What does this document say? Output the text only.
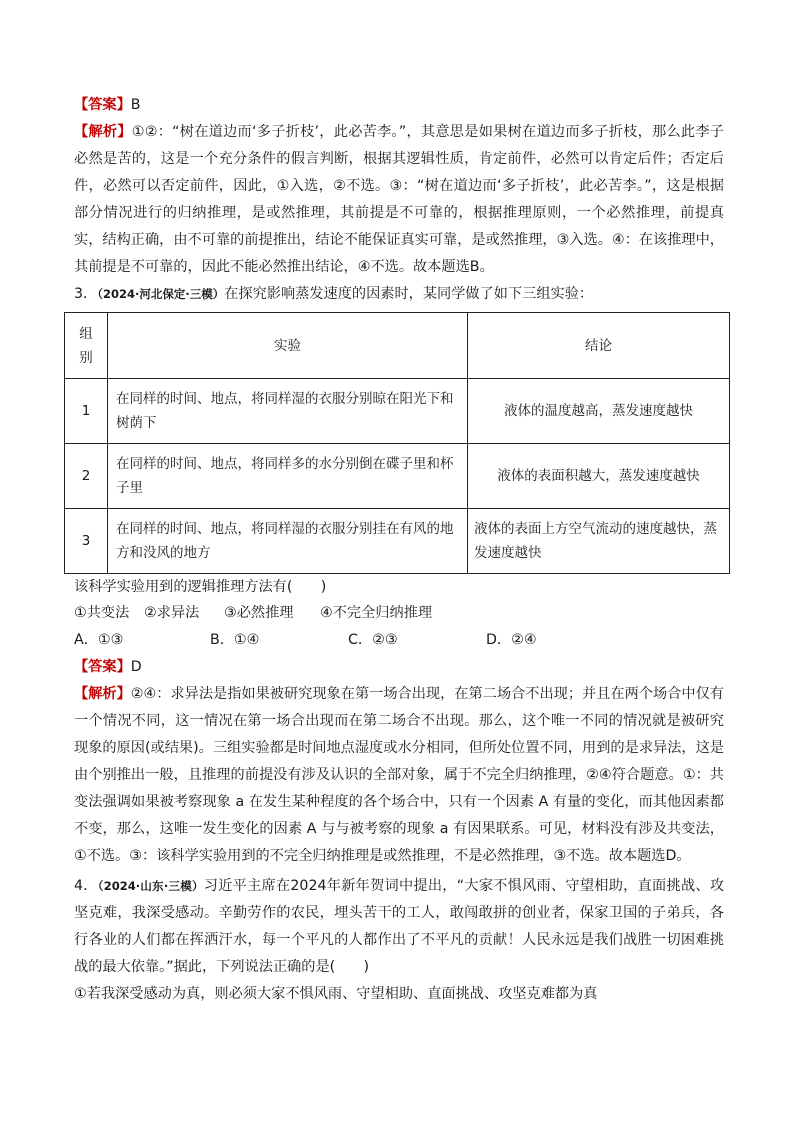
【答案】B
【解析】①②：“树在道边而‘多子折枝’，此必苦李。”，其意思是如果树在道边而多子折枝，那么此李子必然是苦的，这是一个充分条件的假言判断，根据其逻辑性质，肯定前件，必然可以肯定后件；否定后件，必然可以否定前件，因此，①入选，②不选。③：“树在道边而‘多子折枝’，此必苦李。”，这是根据部分情况进行的归纳推理，是或然推理，其前提是不可靠的，根据推理原则，一个必然推理，前提真实，结构正确，由不可靠的前提推出，结论不能保证真实可靠，是或然推理，③入选。④：在该推理中，其前提是不可靠的，因此不能必然推出结论，④不选。故本题选B。
3．（2024·河北保定·三模）在探究影响蒸发速度的因素时，某同学做了如下三组实验：
组
别	实验	结论
1	在同样的时间、地点，将同样湿的衣服分别晾在阳光下和树荫下	液体的温度越高，蒸发速度越快
2	在同样的时间、地点，将同样多的水分别倒在碟子里和杯子里	液体的表面积越大，蒸发速度越快
3	在同样的时间、地点，将同样湿的衣服分别挂在有风的地方和没风的地方	液体的表面上方空气流动的速度越快，蒸发速度越快
该科学实验用到的逻辑推理方法有(　　)
①共变法 ②求异法 ③必然推理 ④不完全归纳推理
A．①③	B．①④	C．②③	D．②④
【答案】D
【解析】②④：求异法是指如果被研究现象在第一场合出现，在第二场合不出现；并且在两个场合中仅有一个情况不同，这一情况在第一场合出现而在第二场合不出现。那么，这个唯一不同的情况就是被研究现象的原因(或结果)。三组实验都是时间地点湿度或水分相同，但所处位置不同，用到的是求异法，这是由个别推出一般，且推理的前提没有涉及认识的全部对象，属于不完全归纳推理，②④符合题意。①：共变法强调如果被考察现象 a 在发生某种程度的各个场合中，只有一个因素 A 有量的变化，而其他因素都不变，那么，这唯一发生变化的因素 A 与与被考察的现象 a 有因果联系。可见，材料没有涉及共变法，①不选。③：该科学实验用到的不完全归纳推理是或然推理，不是必然推理，③不选。故本题选D。
4．（2024·山东·三模）习近平主席在2024年新年贺词中提出，“大家不惧风雨、守望相助，直面挑战、攻坚克难，我深受感动。辛勤劳作的农民，埋头苦干的工人，敢闯敢拼的创业者，保家卫国的子弟兵，各行各业的人们都在挥洒汗水，每一个平凡的人都作出了不平凡的贡献！人民永远是我们战胜一切困难挑战的最大依靠。”据此，下列说法正确的是(　　)
①若我深受感动为真，则必须大家不惧风雨、守望相助、直面挑战、攻坚克难都为真
